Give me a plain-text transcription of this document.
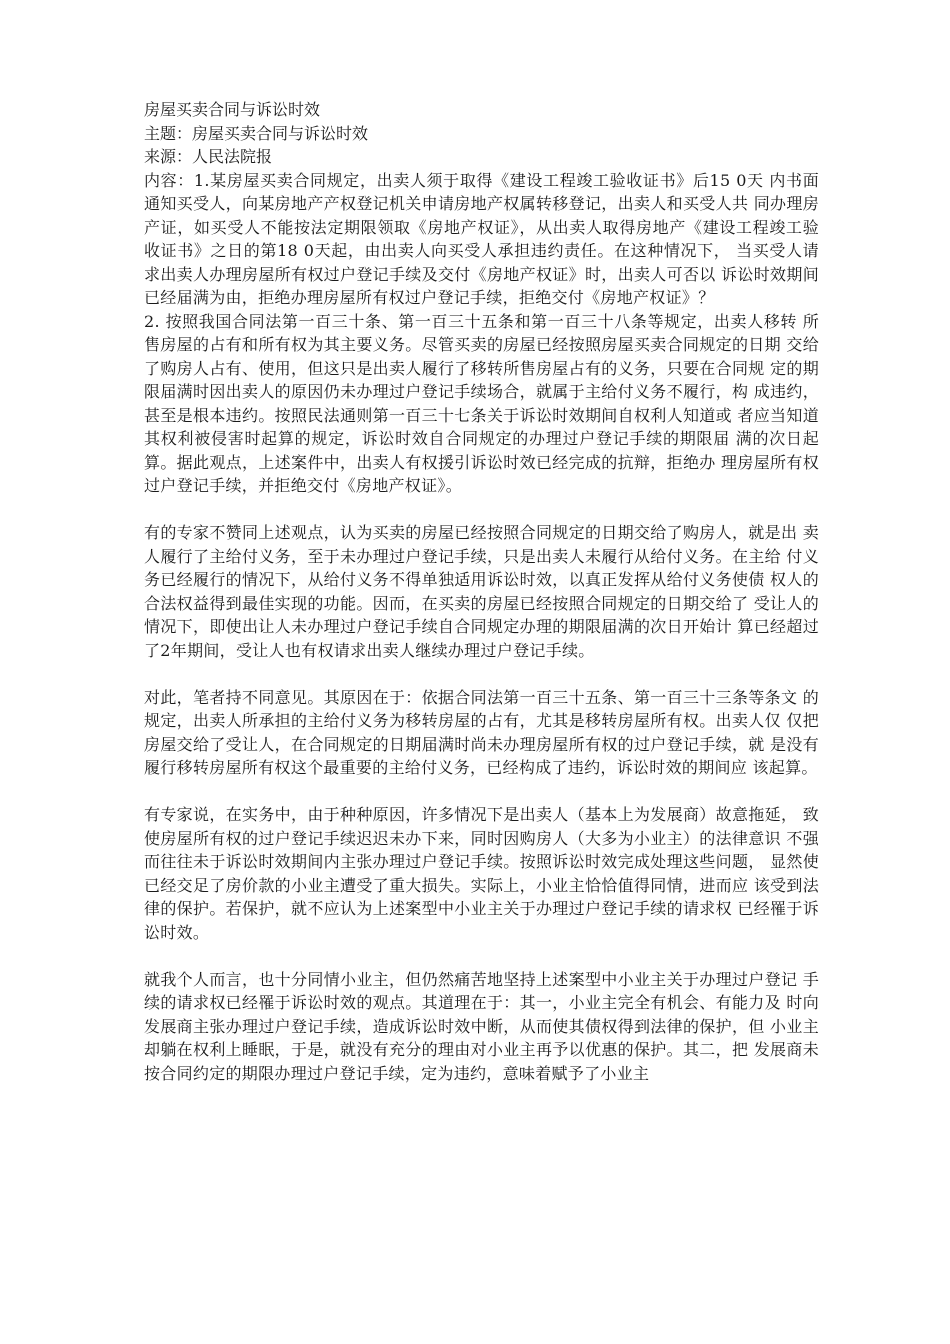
房屋买卖合同与诉讼时效
主题：房屋买卖合同与诉讼时效
来源：人民法院报

内容：1.某房屋买卖合同规定，出卖人须于取得《建设工程竣工验收证书》后15 0天 内书面通知买受人，向某房地产产权登记机关申请房地产权属转移登记，出卖人和买受人共 同办理房产证，如买受人不能按法定期限领取《房地产权证》，从出卖人取得房地产《建设工程竣工验收证书》之日的第18 0天起，由出卖人向买受人承担违约责任。在这种情况下， 当买受人请求出卖人办理房屋所有权过户登记手续及交付《房地产权证》时，出卖人可否以 诉讼时效期间已经届满为由，拒绝办理房屋所有权过户登记手续，拒绝交付《房地产权证》？

2. 按照我国合同法第一百三十条、第一百三十五条和第一百三十八条等规定，出卖人移转 所售房屋的占有和所有权为其主要义务。尽管买卖的房屋已经按照房屋买卖合同规定的日期 交给了购房人占有、使用，但这只是出卖人履行了移转所售房屋占有的义务，只要在合同规 定的期限届满时因出卖人的原因仍未办理过户登记手续场合，就属于主给付义务不履行，构 成违约，甚至是根本违约。按照民法通则第一百三十七条关于诉讼时效期间自权利人知道或 者应当知道其权利被侵害时起算的规定，诉讼时效自合同规定的办理过户登记手续的期限届 满的次日起算。据此观点，上述案件中，出卖人有权援引诉讼时效已经完成的抗辩，拒绝办 理房屋所有权过户登记手续，并拒绝交付《房地产权证》。

有的专家不赞同上述观点，认为买卖的房屋已经按照合同规定的日期交给了购房人，就是出 卖人履行了主给付义务，至于未办理过户登记手续，只是出卖人未履行从给付义务。在主给 付义务已经履行的情况下，从给付义务不得单独适用诉讼时效，以真正发挥从给付义务使债 权人的合法权益得到最佳实现的功能。因而，在买卖的房屋已经按照合同规定的日期交给了 受让人的情况下，即使出让人未办理过户登记手续自合同规定办理的期限届满的次日开始计 算已经超过了2年期间，受让人也有权请求出卖人继续办理过户登记手续。

对此，笔者持不同意见。其原因在于：依据合同法第一百三十五条、第一百三十三条等条文 的规定，出卖人所承担的主给付义务为移转房屋的占有，尤其是移转房屋所有权。出卖人仅 仅把房屋交给了受让人，在合同规定的日期届满时尚未办理房屋所有权的过户登记手续，就 是没有履行移转房屋所有权这个最重要的主给付义务，已经构成了违约，诉讼时效的期间应 该起算。

有专家说，在实务中，由于种种原因，许多情况下是出卖人（基本上为发展商）故意拖延， 致使房屋所有权的过户登记手续迟迟未办下来，同时因购房人（大多为小业主）的法律意识 不强而往往未于诉讼时效期间内主张办理过户登记手续。按照诉讼时效完成处理这些问题， 显然使已经交足了房价款的小业主遭受了重大损失。实际上，小业主恰恰值得同情，进而应 该受到法律的保护。若保护，就不应认为上述案型中小业主关于办理过户登记手续的请求权 已经罹于诉讼时效。

就我个人而言，也十分同情小业主，但仍然痛苦地坚持上述案型中小业主关于办理过户登记 手续的请求权已经罹于诉讼时效的观点。其道理在于：其一，小业主完全有机会、有能力及 时向发展商主张办理过户登记手续，造成诉讼时效中断，从而使其债权得到法律的保护，但 小业主却躺在权利上睡眠，于是，就没有充分的理由对小业主再予以优惠的保护。其二，把 发展商未按合同约定的期限办理过户登记手续，定为违约，意味着赋予了小业主
